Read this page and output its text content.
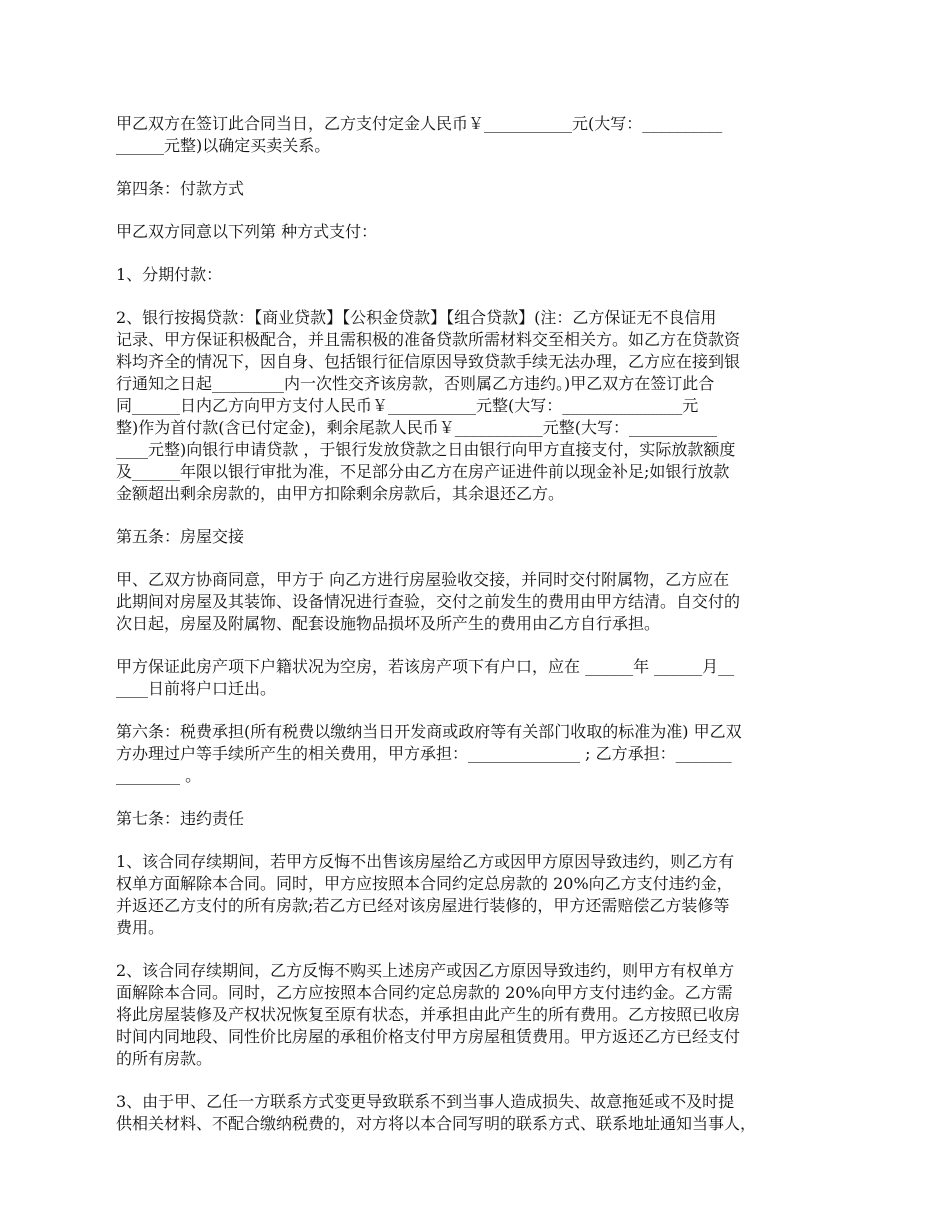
甲乙双方在签订此合同当日，乙方支付定金人民币￥___________元(大写：__________
______元整)以确定买卖关系。
第四条：付款方式
甲乙双方同意以下列第 种方式支付：
1、分期付款：
2、银行按揭贷款：【商业贷款】【公积金贷款】【组合贷款】(注：乙方保证无不良信用
记录、甲方保证积极配合，并且需积极的准备贷款所需材料交至相关方。如乙方在贷款资
料均齐全的情况下，因自身、包括银行征信原因导致贷款手续无法办理，乙方应在接到银
行通知之日起_________内一次性交齐该房款，否则属乙方违约。)甲乙双方在签订此合
同______日内乙方向甲方支付人民币￥___________元整(大写：_______________元
整)作为首付款(含已付定金)，剩余尾款人民币￥___________元整(大写：___________
____元整)向银行申请贷款 ，于银行发放贷款之日由银行向甲方直接支付，实际放款额度
及______年限以银行审批为准，不足部分由乙方在房产证进件前以现金补足;如银行放款
金额超出剩余房款的，由甲方扣除剩余房款后，其余退还乙方。
第五条：房屋交接
甲、乙双方协商同意，甲方于 向乙方进行房屋验收交接，并同时交付附属物，乙方应在
此期间对房屋及其装饰、设备情况进行查验，交付之前发生的费用由甲方结清。自交付的
次日起，房屋及附属物、配套设施物品损坏及所产生的费用由乙方自行承担。
甲方保证此房产项下户籍状况为空房，若该房产项下有户口，应在 ______年 ______月__
____日前将户口迁出。
第六条：税费承担(所有税费以缴纳当日开发商或政府等有关部门收取的标准为准) 甲乙双
方办理过户等手续所产生的相关费用，甲方承担：______________ ; 乙方承担：_______
________ 。
第七条：违约责任
1、该合同存续期间，若甲方反悔不出售该房屋给乙方或因甲方原因导致违约，则乙方有
权单方面解除本合同。同时，甲方应按照本合同约定总房款的 20%向乙方支付违约金，
并返还乙方支付的所有房款;若乙方已经对该房屋进行装修的，甲方还需赔偿乙方装修等
费用。
2、该合同存续期间，乙方反悔不购买上述房产或因乙方原因导致违约，则甲方有权单方
面解除本合同。同时，乙方应按照本合同约定总房款的 20%向甲方支付违约金。乙方需
将此房屋装修及产权状况恢复至原有状态，并承担由此产生的所有费用。乙方按照已收房
时间内同地段、同性价比房屋的承租价格支付甲方房屋租赁费用。甲方返还乙方已经支付
的所有房款。
3、由于甲、乙任一方联系方式变更导致联系不到当事人造成损失、故意拖延或不及时提
供相关材料、不配合缴纳税费的，对方将以本合同写明的联系方式、联系地址通知当事人，
